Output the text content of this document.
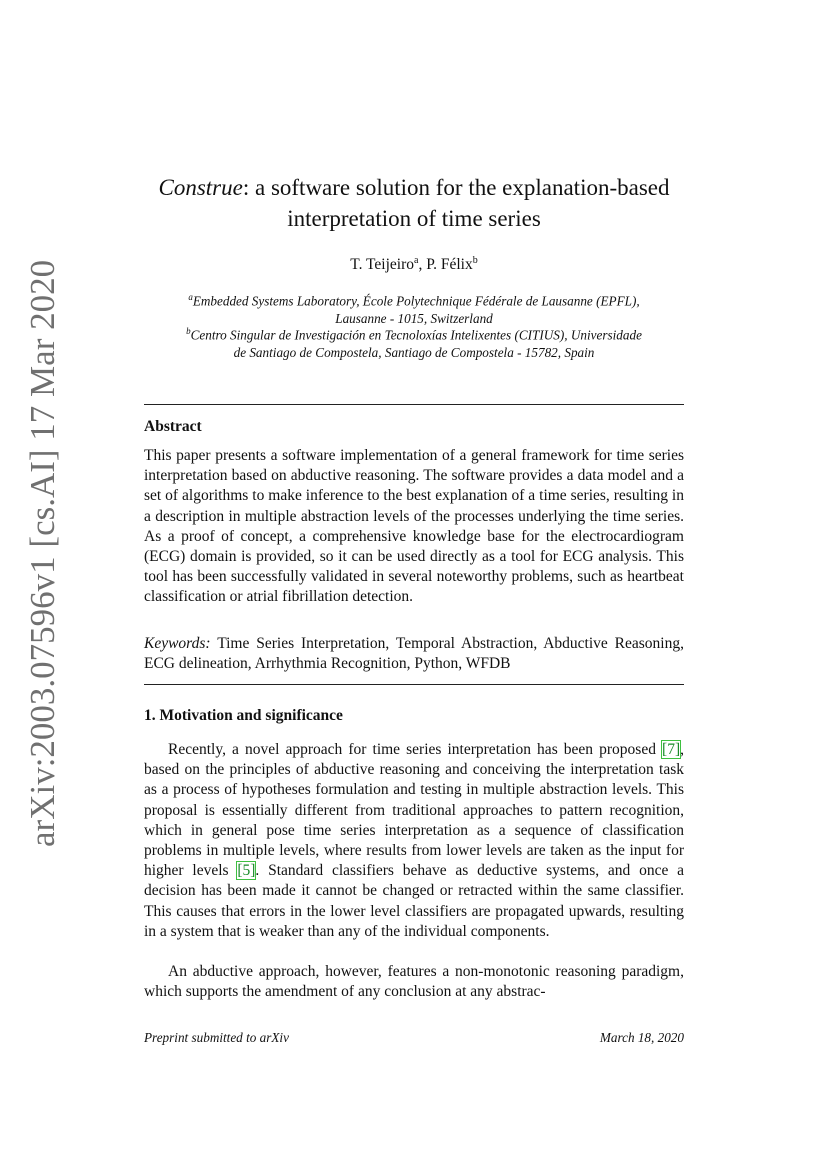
arXiv:2003.07596v1 [cs.AI] 17 Mar 2020
Construe: a software solution for the explanation-based
interpretation of time series
T. Teijeiro$^a$, P. Félix$^b$
$^a$Embedded Systems Laboratory, École Polytechnique Fédérale de Lausanne (EPFL),
Lausanne - 1015, Switzerland
$^b$Centro Singular de Investigación en Tecnoloxías Intelixentes (CITIUS), Universidade
de Santiago de Compostela, Santiago de Compostela - 15782, Spain
Abstract
This paper presents a software implementation of a general framework for time series interpretation based on abductive reasoning. The software provides a data model and a set of algorithms to make inference to the best explanation of a time series, resulting in a description in multiple abstraction levels of the processes underlying the time series. As a proof of concept, a comprehensive knowledge base for the electrocardiogram (ECG) domain is provided, so it can be used directly as a tool for ECG analysis. This tool has been successfully validated in several noteworthy problems, such as heartbeat classification or atrial fibrillation detection.
Keywords: Time Series Interpretation, Temporal Abstraction, Abductive Reasoning, ECG delineation, Arrhythmia Recognition, Python, WFDB
1. Motivation and significance
Recently, a novel approach for time series interpretation has been proposed [ 7 ] , based on the principles of abductive reasoning and conceiving the interpretation task as a process of hypotheses formulation and testing in multiple abstraction levels. This proposal is essentially different from traditional approaches to pattern recognition, which in general pose time series interpretation as a sequence of classification problems in multiple levels, where results from lower levels are taken as the input for higher levels [ 5 ] . Standard classifiers behave as deductive systems, and once a decision has been made it cannot be changed or retracted within the same classifier. This causes that errors in the lower level classifiers are propagated upwards, resulting in a system that is weaker than any of the individual components.
An abductive approach, however, features a non-monotonic reasoning paradigm, which supports the amendment of any conclusion at any abstrac-
Preprint submitted to arXiv	March 18, 2020
